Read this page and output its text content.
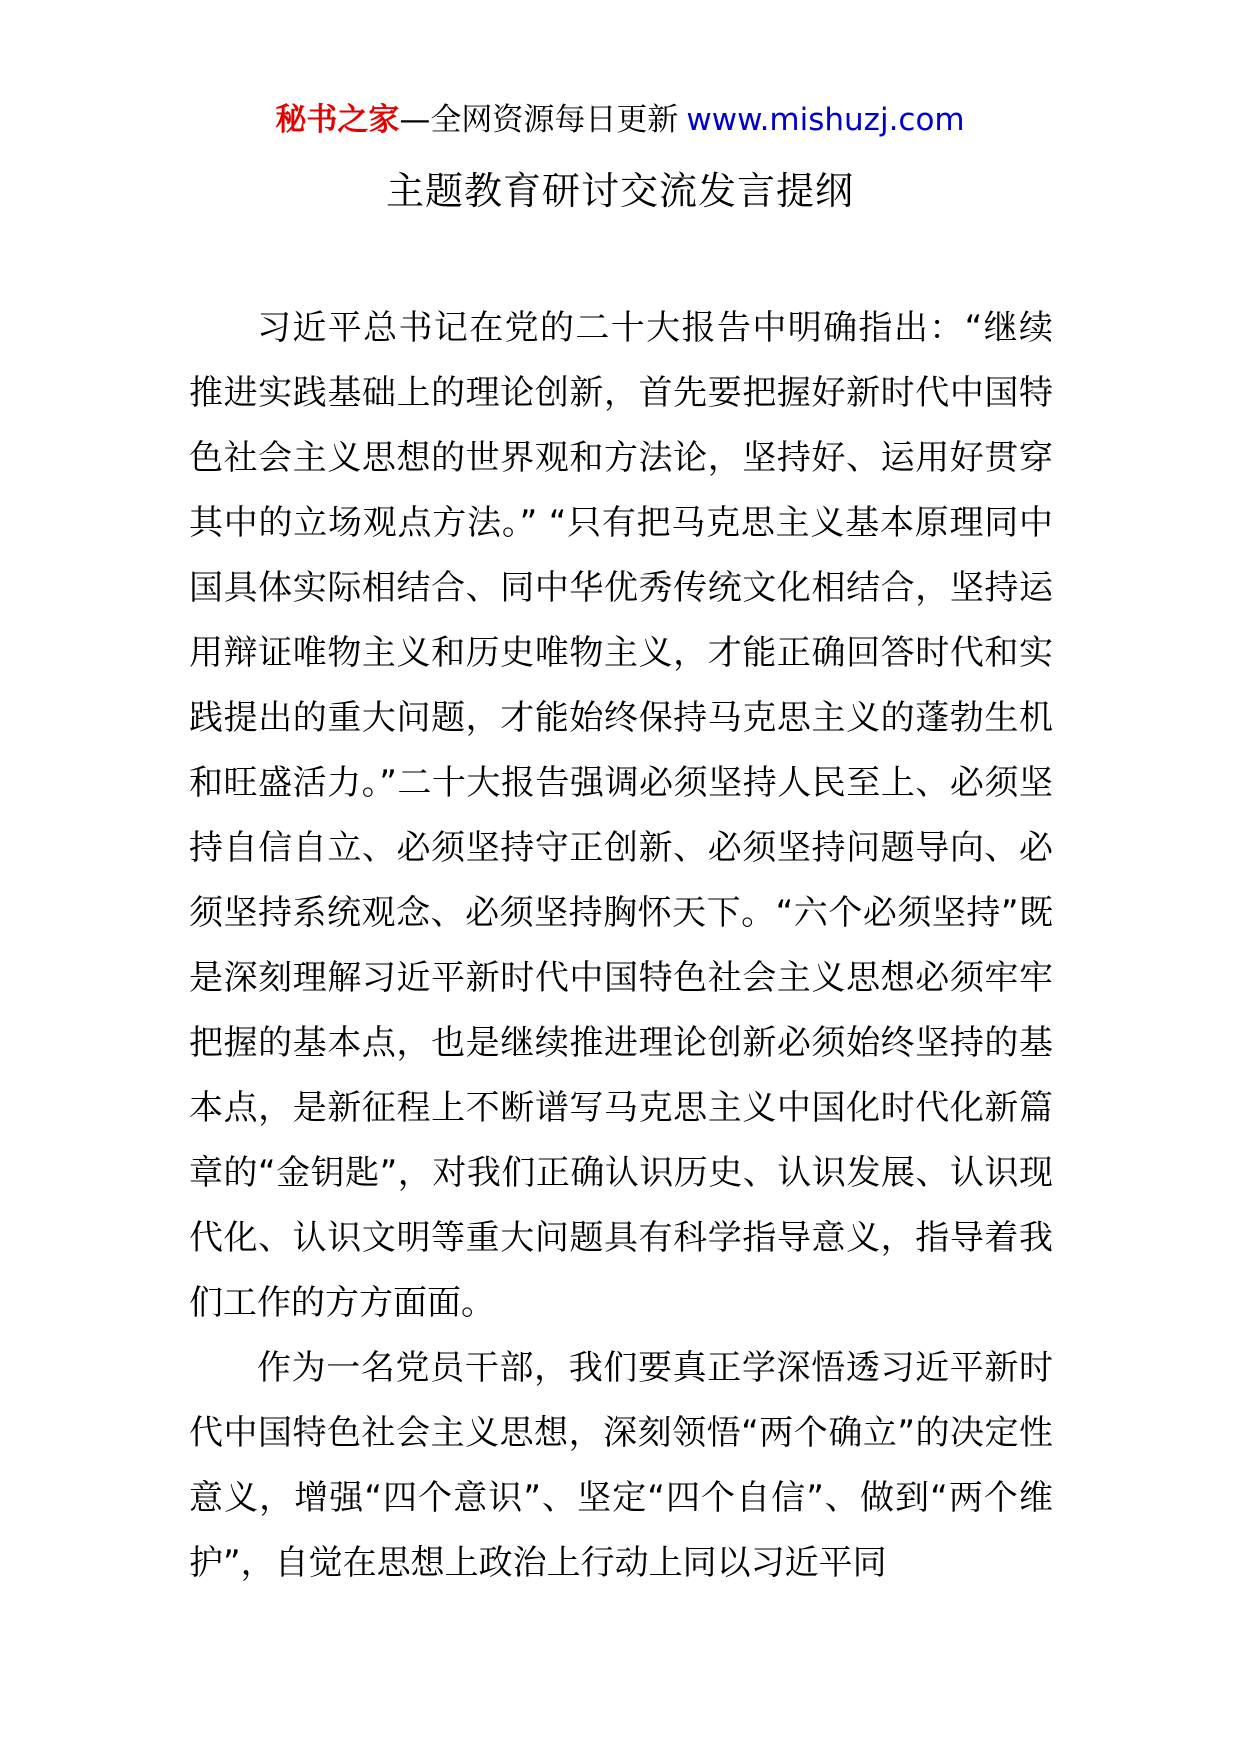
秘书之家—全网资源每日更新 www.mishuzj.com
主题教育研讨交流发言提纲

习近平总书记在党的二十大报告中明确指出：“继续推进实践基础上的理论创新，首先要把握好新时代中国特色社会主义思想的世界观和方法论，坚持好、运用好贯穿其中的立场观点方法。” “只有把马克思主义基本原理同中国具体实际相结合、同中华优秀传统文化相结合，坚持运用辩证唯物主义和历史唯物主义，才能正确回答时代和实践提出的重大问题，才能始终保持马克思主义的蓬勃生机和旺盛活力。”二十大报告强调必须坚持人民至上、必须坚持自信自立、必须坚持守正创新、必须坚持问题导向、必须坚持系统观念、必须坚持胸怀天下。“六个必须坚持”既是深刻理解习近平新时代中国特色社会主义思想必须牢牢把握的基本点，也是继续推进理论创新必须始终坚持的基本点，是新征程上不断谱写马克思主义中国化时代化新篇章的“金钥匙”，对我们正确认识历史、认识发展、认识现代化、认识文明等重大问题具有科学指导意义，指导着我们工作的方方面面。

作为一名党员干部，我们要真正学深悟透习近平新时代中国特色社会主义思想，深刻领悟“两个确立”的决定性意义，增强“四个意识”、坚定“四个自信”、做到“两个维护”，自觉在思想上政治上行动上同以习近平同
